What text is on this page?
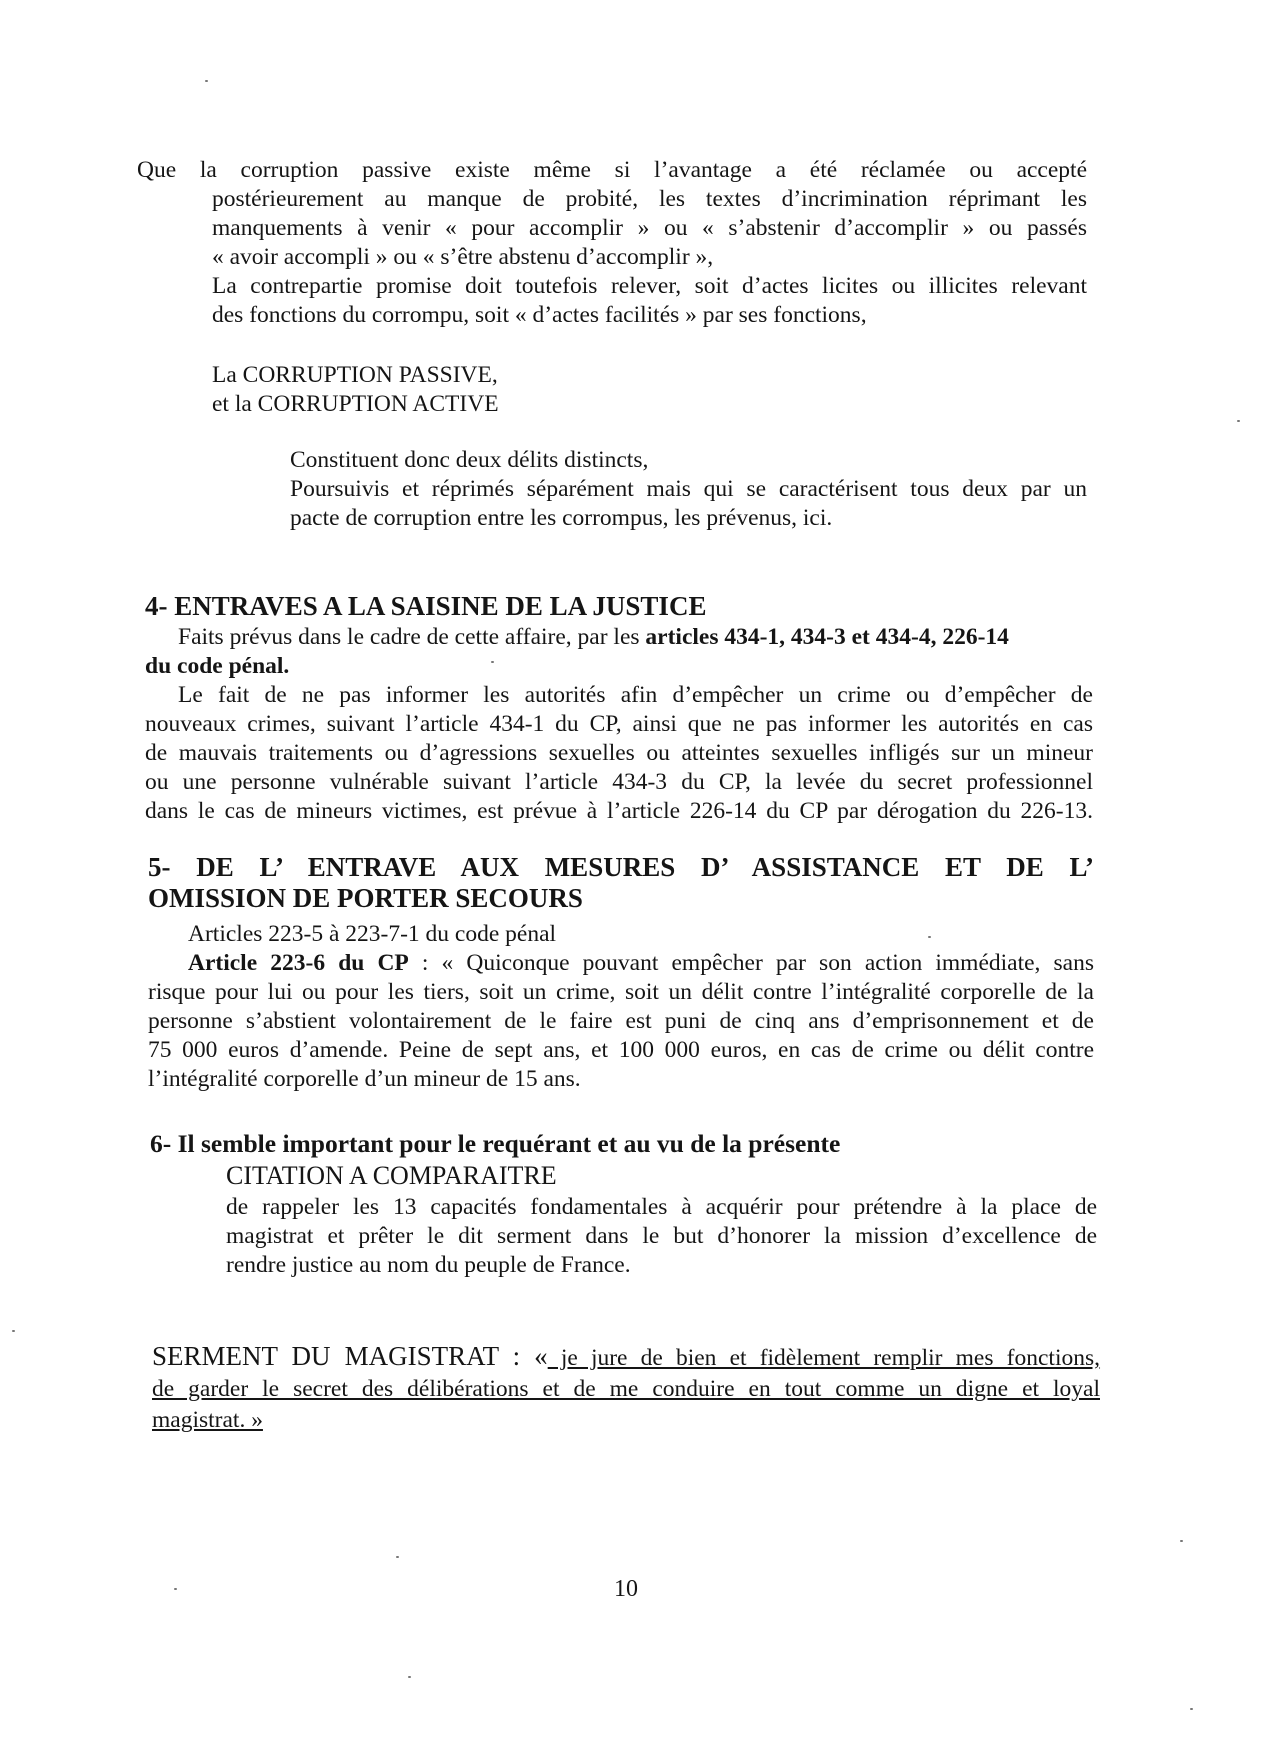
Que la corruption passive existe même si l’avantage a été réclamée ou accepté
postérieurement au manque de probité, les textes d’incrimination réprimant les
manquements à venir « pour accomplir » ou « s’abstenir d’accomplir » ou passés
« avoir accompli » ou « s’être abstenu d’accomplir »,
La contrepartie promise doit toutefois relever, soit d’actes licites ou illicites relevant
des fonctions du corrompu, soit « d’actes facilités » par ses fonctions,
La CORRUPTION PASSIVE,
et la CORRUPTION ACTIVE
Constituent donc deux délits distincts,
Poursuivis et réprimés séparément mais qui se caractérisent tous deux par un
pacte de corruption entre les corrompus, les prévenus, ici.
4- ENTRAVES A LA SAISINE DE LA JUSTICE
Faits prévus dans le cadre de cette affaire, par les articles 434-1, 434-3 et 434-4, 226-14
du code pénal.
Le fait de ne pas informer les autorités afin d’empêcher un crime ou d’empêcher de
nouveaux crimes, suivant l’article 434-1 du CP, ainsi que ne pas informer les autorités en cas
de mauvais traitements ou d’agressions sexuelles ou atteintes sexuelles infligés sur un mineur
ou une personne vulnérable suivant l’article 434-3 du CP, la levée du secret professionnel
dans le cas de mineurs victimes, est prévue à l’article 226-14 du CP par dérogation du 226-13.
5- DE L’ ENTRAVE AUX MESURES D’ ASSISTANCE ET DE L’
OMISSION DE PORTER SECOURS
Articles 223-5 à 223-7-1 du code pénal
Article 223-6 du CP : « Quiconque pouvant empêcher par son action immédiate, sans
risque pour lui ou pour les tiers, soit un crime, soit un délit contre l’intégralité corporelle de la
personne s’abstient volontairement de le faire est puni de cinq ans d’emprisonnement et de
75 000 euros d’amende. Peine de sept ans, et 100 000 euros, en cas de crime ou délit contre
l’intégralité corporelle d’un mineur de 15 ans.
6- Il semble important pour le requérant et au vu de la présente
CITATION A COMPARAITRE
de rappeler les 13 capacités fondamentales à acquérir pour prétendre à la place de
magistrat et prêter le dit serment dans le but d’honorer la mission d’excellence de
rendre justice au nom du peuple de France.
SERMENT DU MAGISTRAT : « je jure de bien et fidèlement remplir mes fonctions,
de garder le secret des délibérations et de me conduire en tout comme un digne et loyal
magistrat. »
10
